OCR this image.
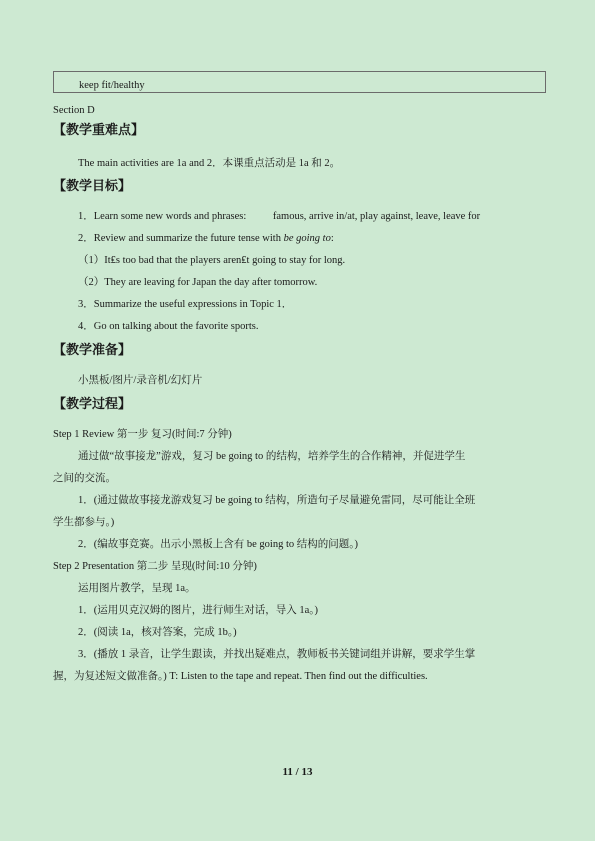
keep fit/healthy
Section D
【教学重难点】
The main activities are 1a and 2．本课重点活动是 1a 和 2。
【教学目标】
1．Learn some new words and phrases:	famous, arrive in/at, play against, leave, leave for
2．Review and summarize the future tense with be going to:
（1）It₤s too bad that the players aren₤t going to stay for long.
（2）They are leaving for Japan the day after tomorrow.
3．Summarize the useful expressions in Topic 1．
4．Go on talking about the favorite sports.
【教学准备】
小黑板/图片/录音机/幻灯片
【教学过程】
Step 1 Review 第一步 复习(时间:7 分钟)
通过做“故事接龙”游戏，复习 be going to 的结构，培养学生的合作精神，并促进学生
之间的交流。
1．(通过做故事接龙游戏复习 be going to 结构，所造句子尽量避免雷同，尽可能让全班
学生都参与。)
2．(编故事竞赛。出示小黑板上含有 be going to 结构的问题。)
Step 2 Presentation 第二步 呈现(时间:10 分钟)
运用图片教学，呈现 1a。
1．(运用贝克汉姆的图片，进行师生对话，导入 1a。)
2．(阅读 1a，核对答案，完成 1b。)
3．(播放 1 录音，让学生跟读，并找出疑难点，教师板书关键词组并讲解，要求学生掌
握，为复述短文做准备。) T: Listen to the tape and repeat. Then find out the difficulties.
11 / 13
